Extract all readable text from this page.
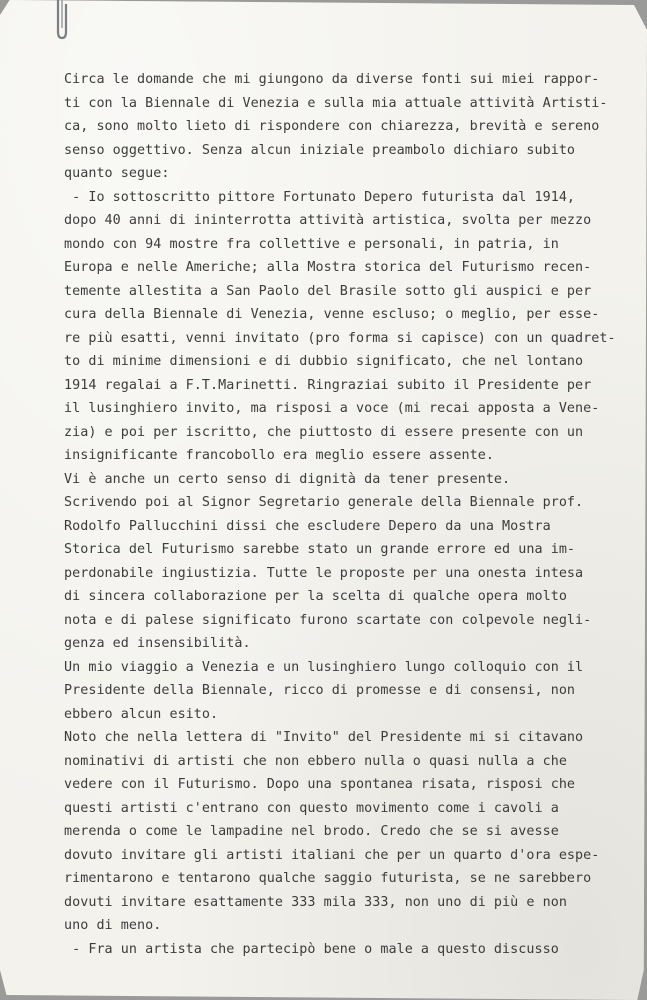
Circa le domande che mi giungono da diverse fonti sui miei rappor-
ti con la Biennale di Venezia e sulla mia attuale attività Artisti-
ca, sono molto lieto di rispondere con chiarezza, brevità e sereno
senso oggettivo. Senza alcun iniziale preambolo dichiaro subito
quanto segue:
- Io sottoscritto pittore Fortunato Depero futurista dal 1914,
dopo 40 anni di ininterrotta attività artistica, svolta per mezzo
mondo con 94 mostre fra collettive e personali, in patria, in
Europa e nelle Americhe; alla Mostra storica del Futurismo recen-
temente allestita a San Paolo del Brasile sotto gli auspici e per
cura della Biennale di Venezia, venne escluso; o meglio, per esse-
re più esatti, venni invitato (pro forma si capisce) con un quadret-
to di minime dimensioni e di dubbio significato, che nel lontano
1914 regalai a F.T.Marinetti. Ringraziai subito il Presidente per
il lusinghiero invito, ma risposi a voce (mi recai apposta a Vene-
zia) e poi per iscritto, che piuttosto di essere presente con un
insignificante francobollo era meglio essere assente.
Vi è anche un certo senso di dignità da tener presente.
Scrivendo poi al Signor Segretario generale della Biennale prof.
Rodolfo Pallucchini dissi che escludere Depero da una Mostra
Storica del Futurismo sarebbe stato un grande errore ed una im-
perdonabile ingiustizia. Tutte le proposte per una onesta intesa
di sincera collaborazione per la scelta di qualche opera molto
nota e di palese significato furono scartate con colpevole negli-
genza ed insensibilità.
Un mio viaggio a Venezia e un lusinghiero lungo colloquio con il
Presidente della Biennale, ricco di promesse e di consensi, non
ebbero alcun esito.
Noto che nella lettera di "Invito" del Presidente mi si citavano
nominativi di artisti che non ebbero nulla o quasi nulla a che
vedere con il Futurismo. Dopo una spontanea risata, risposi che
questi artisti c'entrano con questo movimento come i cavoli a
merenda o come le lampadine nel brodo. Credo che se si avesse
dovuto invitare gli artisti italiani che per un quarto d'ora espe-
rimentarono e tentarono qualche saggio futurista, se ne sarebbero
dovuti invitare esattamente 333 mila 333, non uno di più e non
uno di meno.
- Fra un artista che partecipò bene o male a questo discusso
